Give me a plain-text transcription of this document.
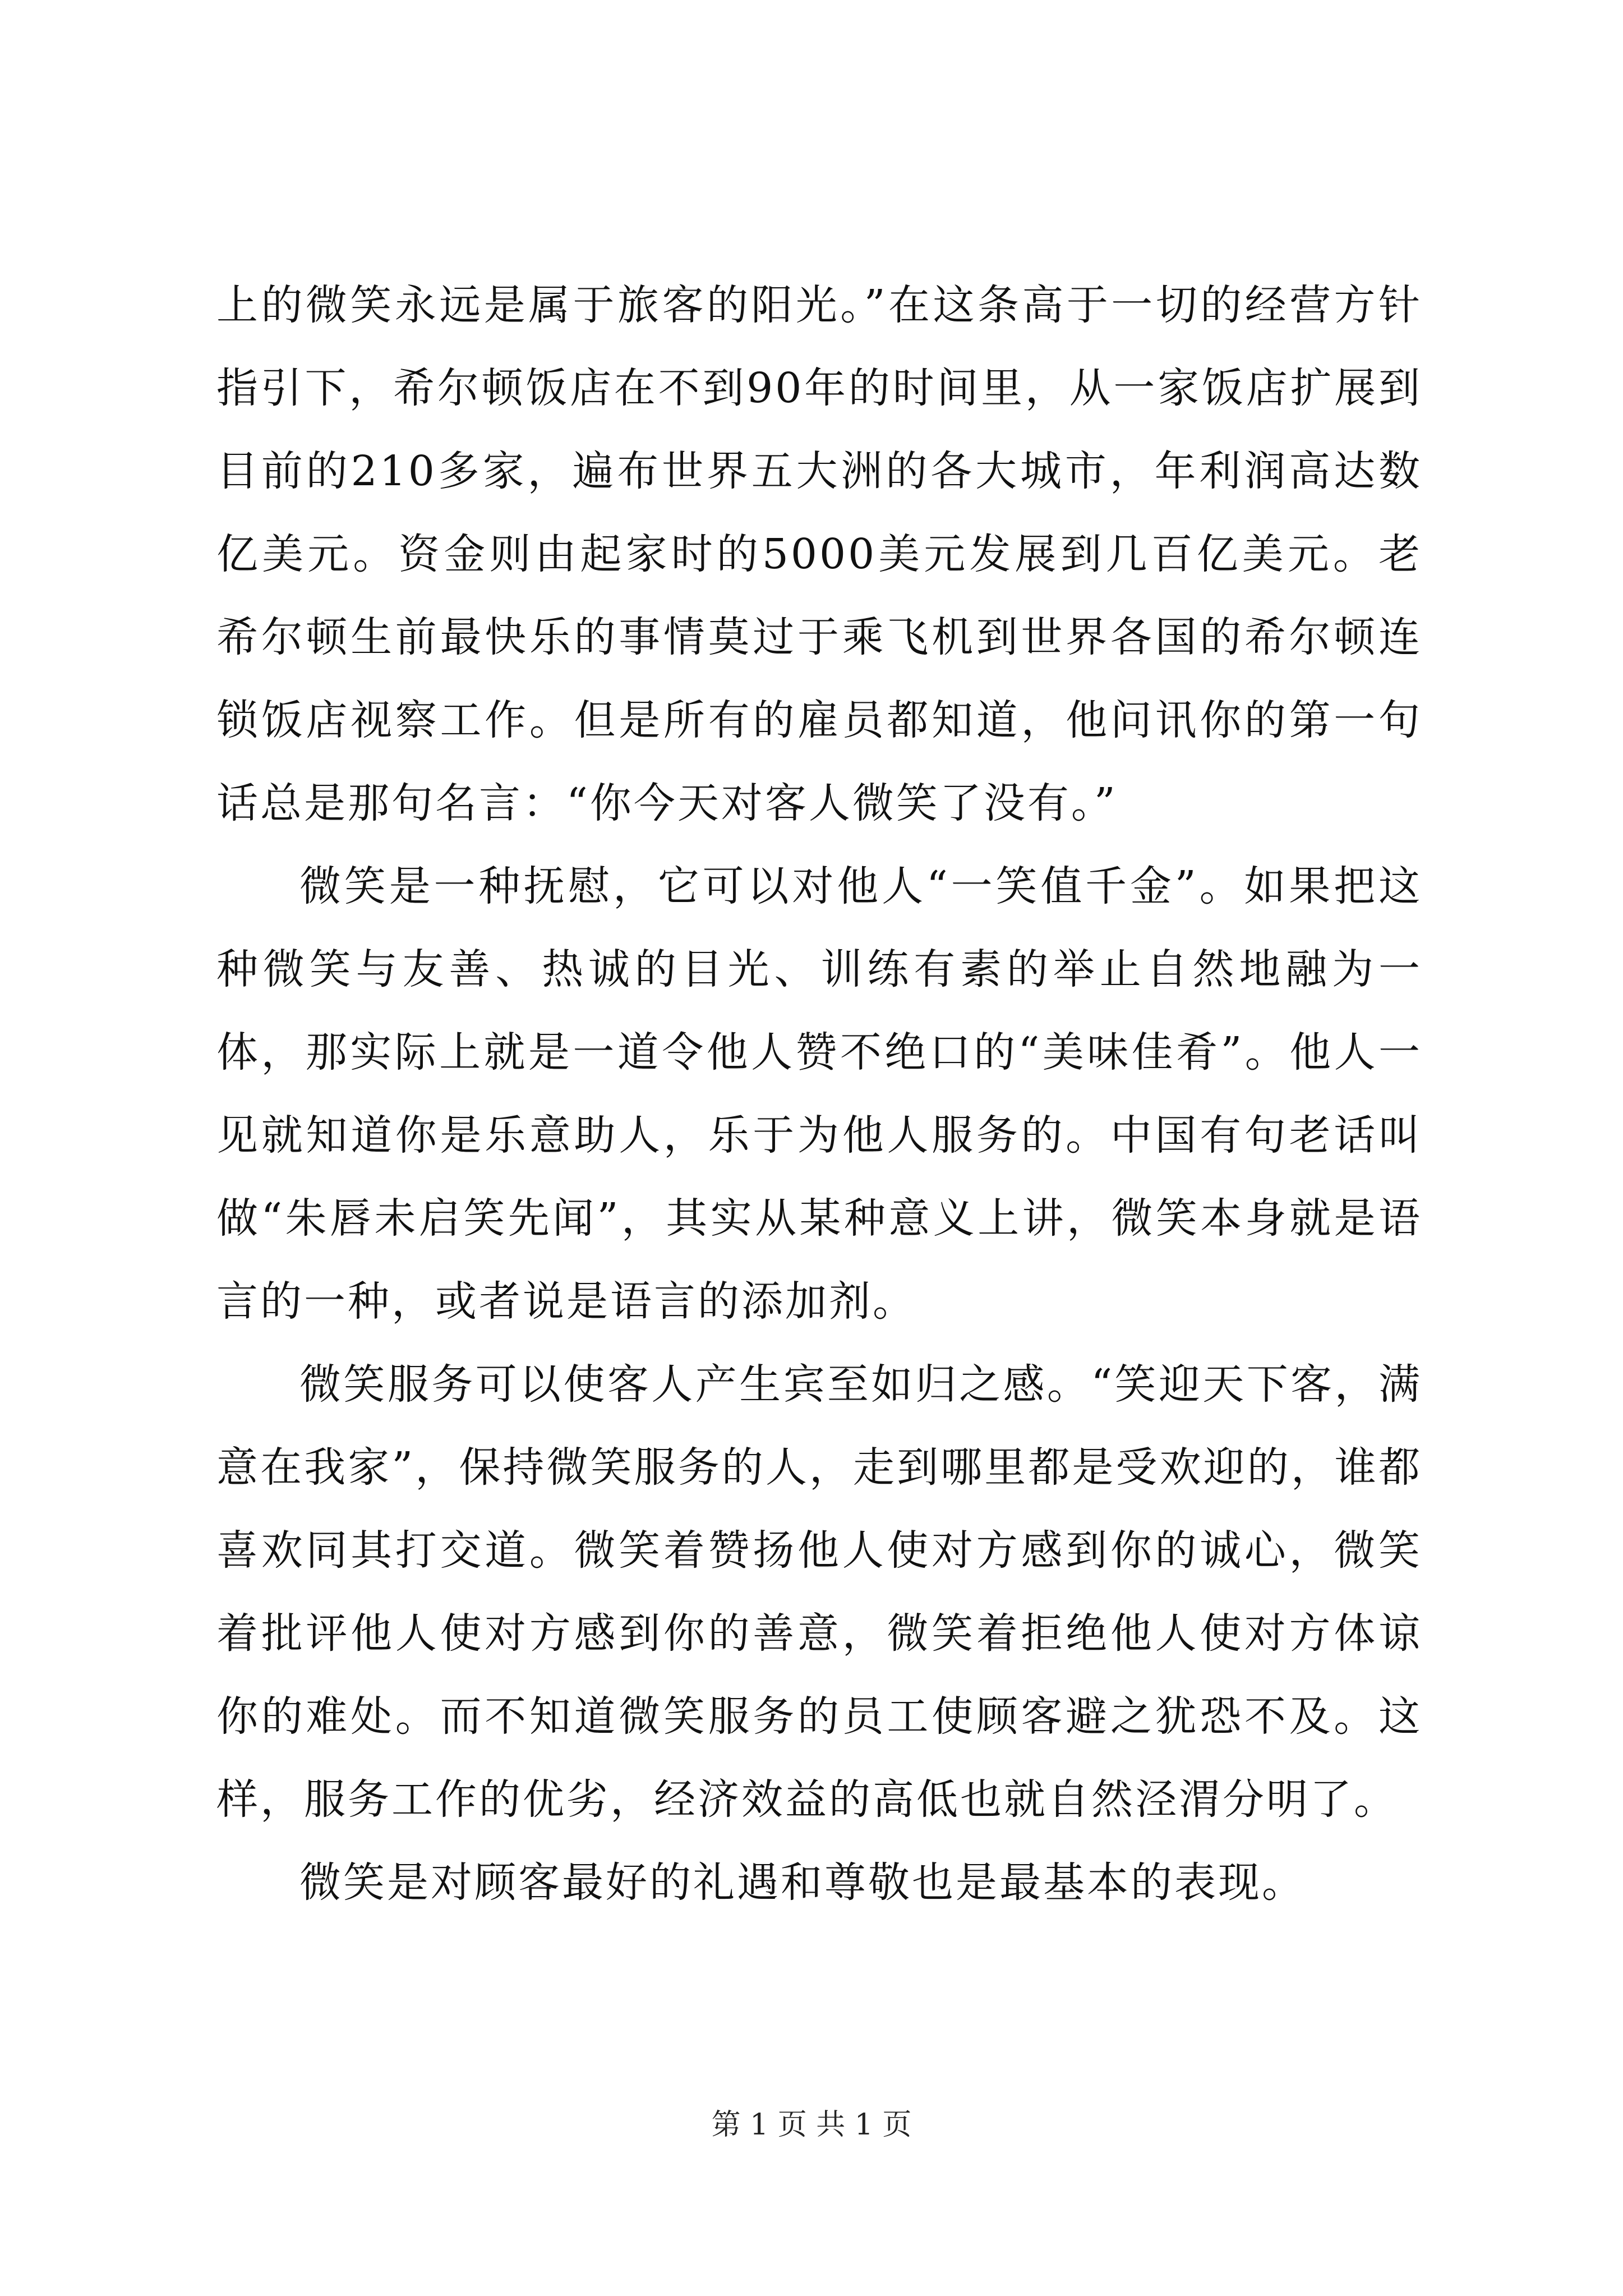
上的微笑永远是属于旅客的阳光。”在这条高于一切的经营方针指引下，希尔顿饭店在不到90年的时间里，从一家饭店扩展到目前的210多家，遍布世界五大洲的各大城市，年利润高达数亿美元。资金则由起家时的5000美元发展到几百亿美元。老希尔顿生前最快乐的事情莫过于乘飞机到世界各国的希尔顿连锁饭店视察工作。但是所有的雇员都知道，他问讯你的第一句话总是那句名言：“你今天对客人微笑了没有。”

微笑是一种抚慰，它可以对他人“一笑值千金”。如果把这种微笑与友善、热诚的目光、训练有素的举止自然地融为一体，那实际上就是一道令他人赞不绝口的“美味佳肴”。他人一见就知道你是乐意助人，乐于为他人服务的。中国有句老话叫做“朱唇未启笑先闻”，其实从某种意义上讲，微笑本身就是语言的一种，或者说是语言的添加剂。

微笑服务可以使客人产生宾至如归之感。“笑迎天下客，满意在我家”，保持微笑服务的人，走到哪里都是受欢迎的，谁都喜欢同其打交道。微笑着赞扬他人使对方感到你的诚心，微笑着批评他人使对方感到你的善意，微笑着拒绝他人使对方体谅你的难处。而不知道微笑服务的员工使顾客避之犹恐不及。这样，服务工作的优劣，经济效益的高低也就自然泾渭分明了。

微笑是对顾客最好的礼遇和尊敬也是最基本的表现。

第 1 页 共 1 页
